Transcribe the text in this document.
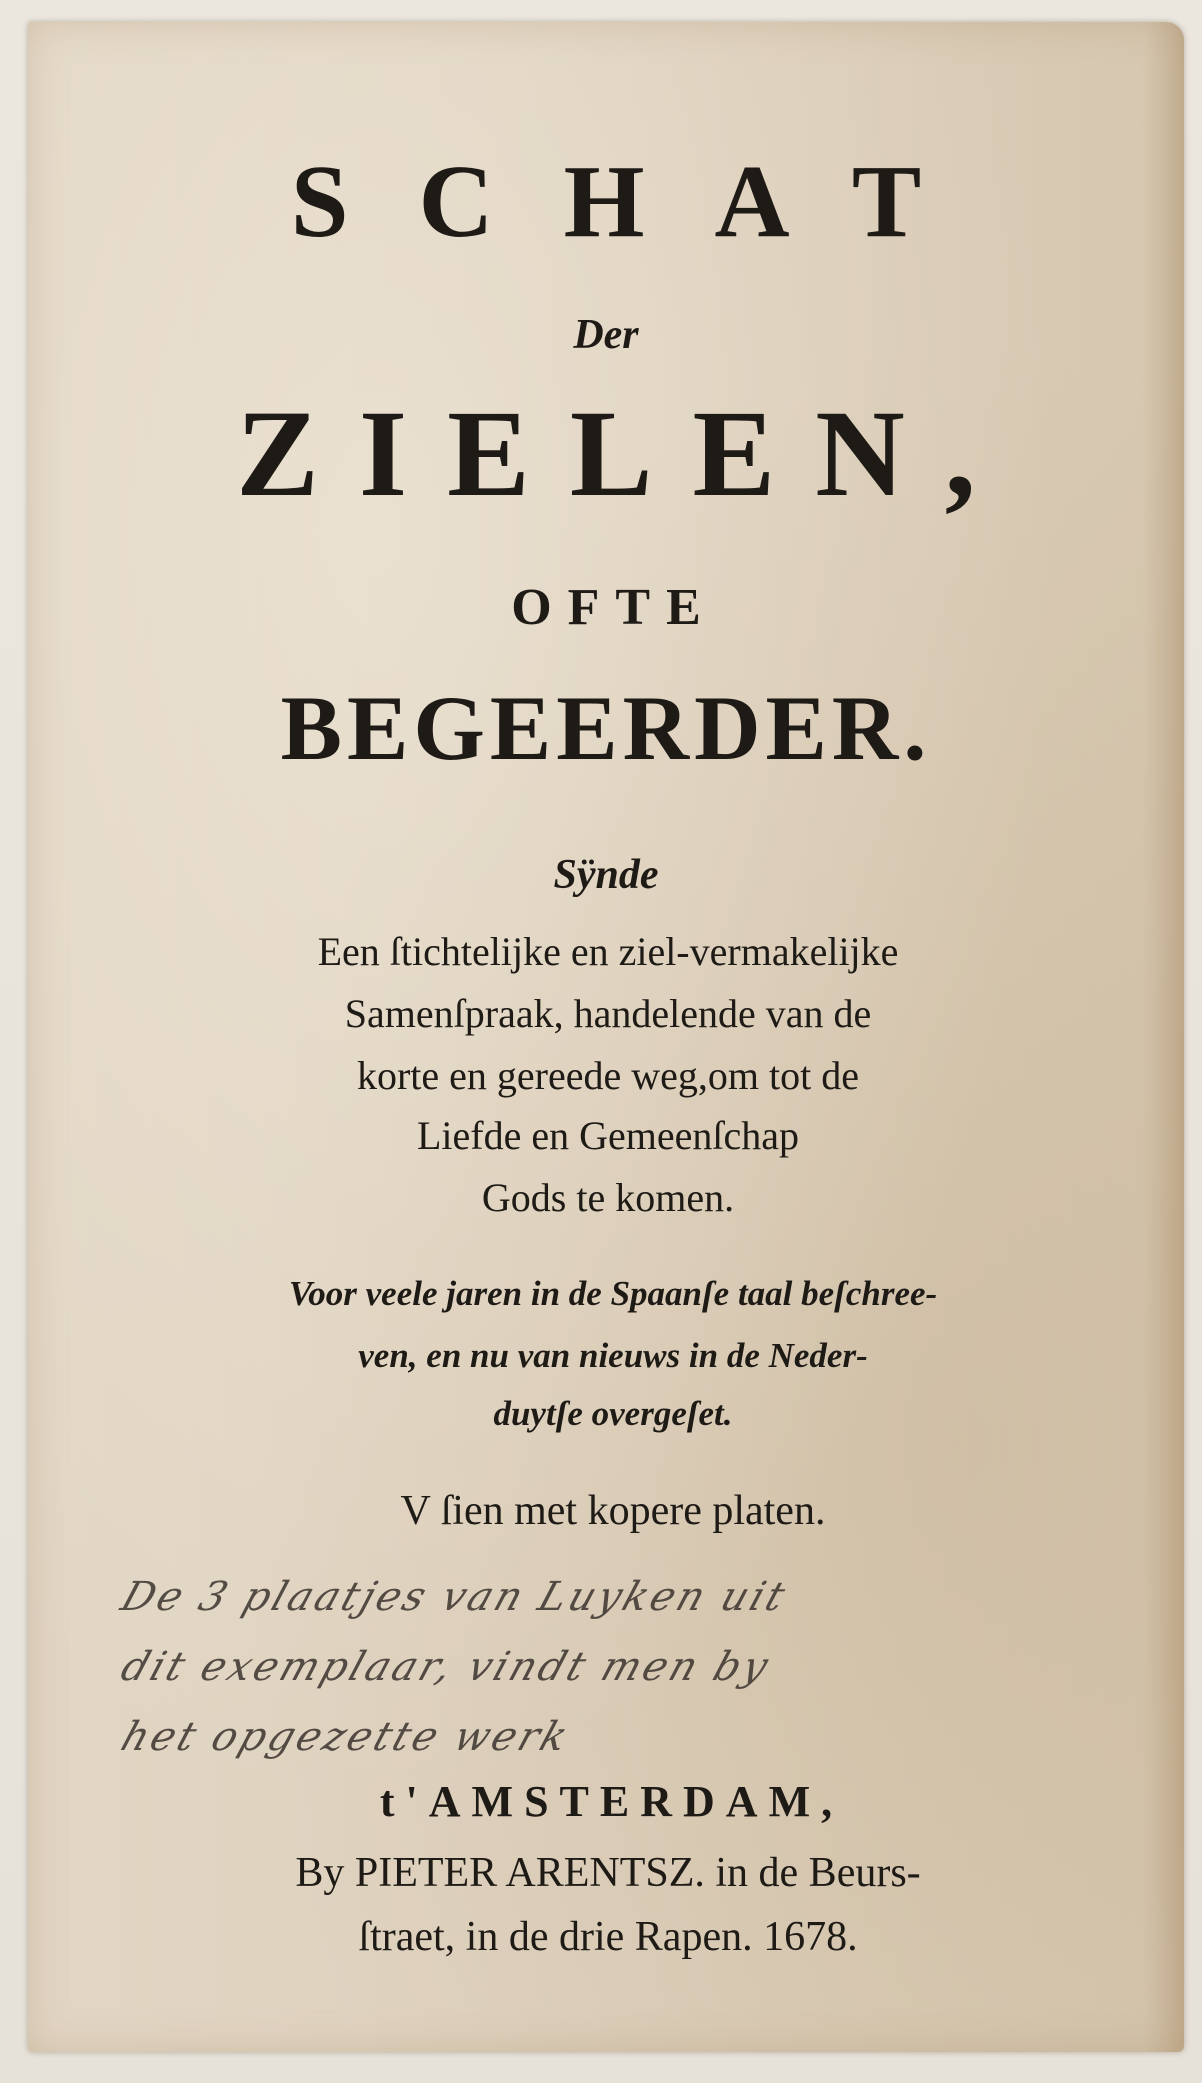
SCHAT
Der
ZIELEN,
OFTE
BEGEERDER.
Sÿnde
Een ſtichtelijke en ziel-vermakelijke
Samenſpraak, handelende van de
korte en gereede weg,om tot de
Liefde en Gemeenſchap
Gods te komen.
Voor veele jaren in de Spaanſe taal beſchree-
ven, en nu van nieuws in de Neder-
duytſe overgeſet.
V ſien met kopere platen.
De 3 plaatjes van Luyken uit
dit exemplaar, vindt men by
het opgezette werk
t'AMSTERDAM,
By PIETER ARENTSZ. in de Beurs-
ſtraet, in de drie Rapen. 1678.
